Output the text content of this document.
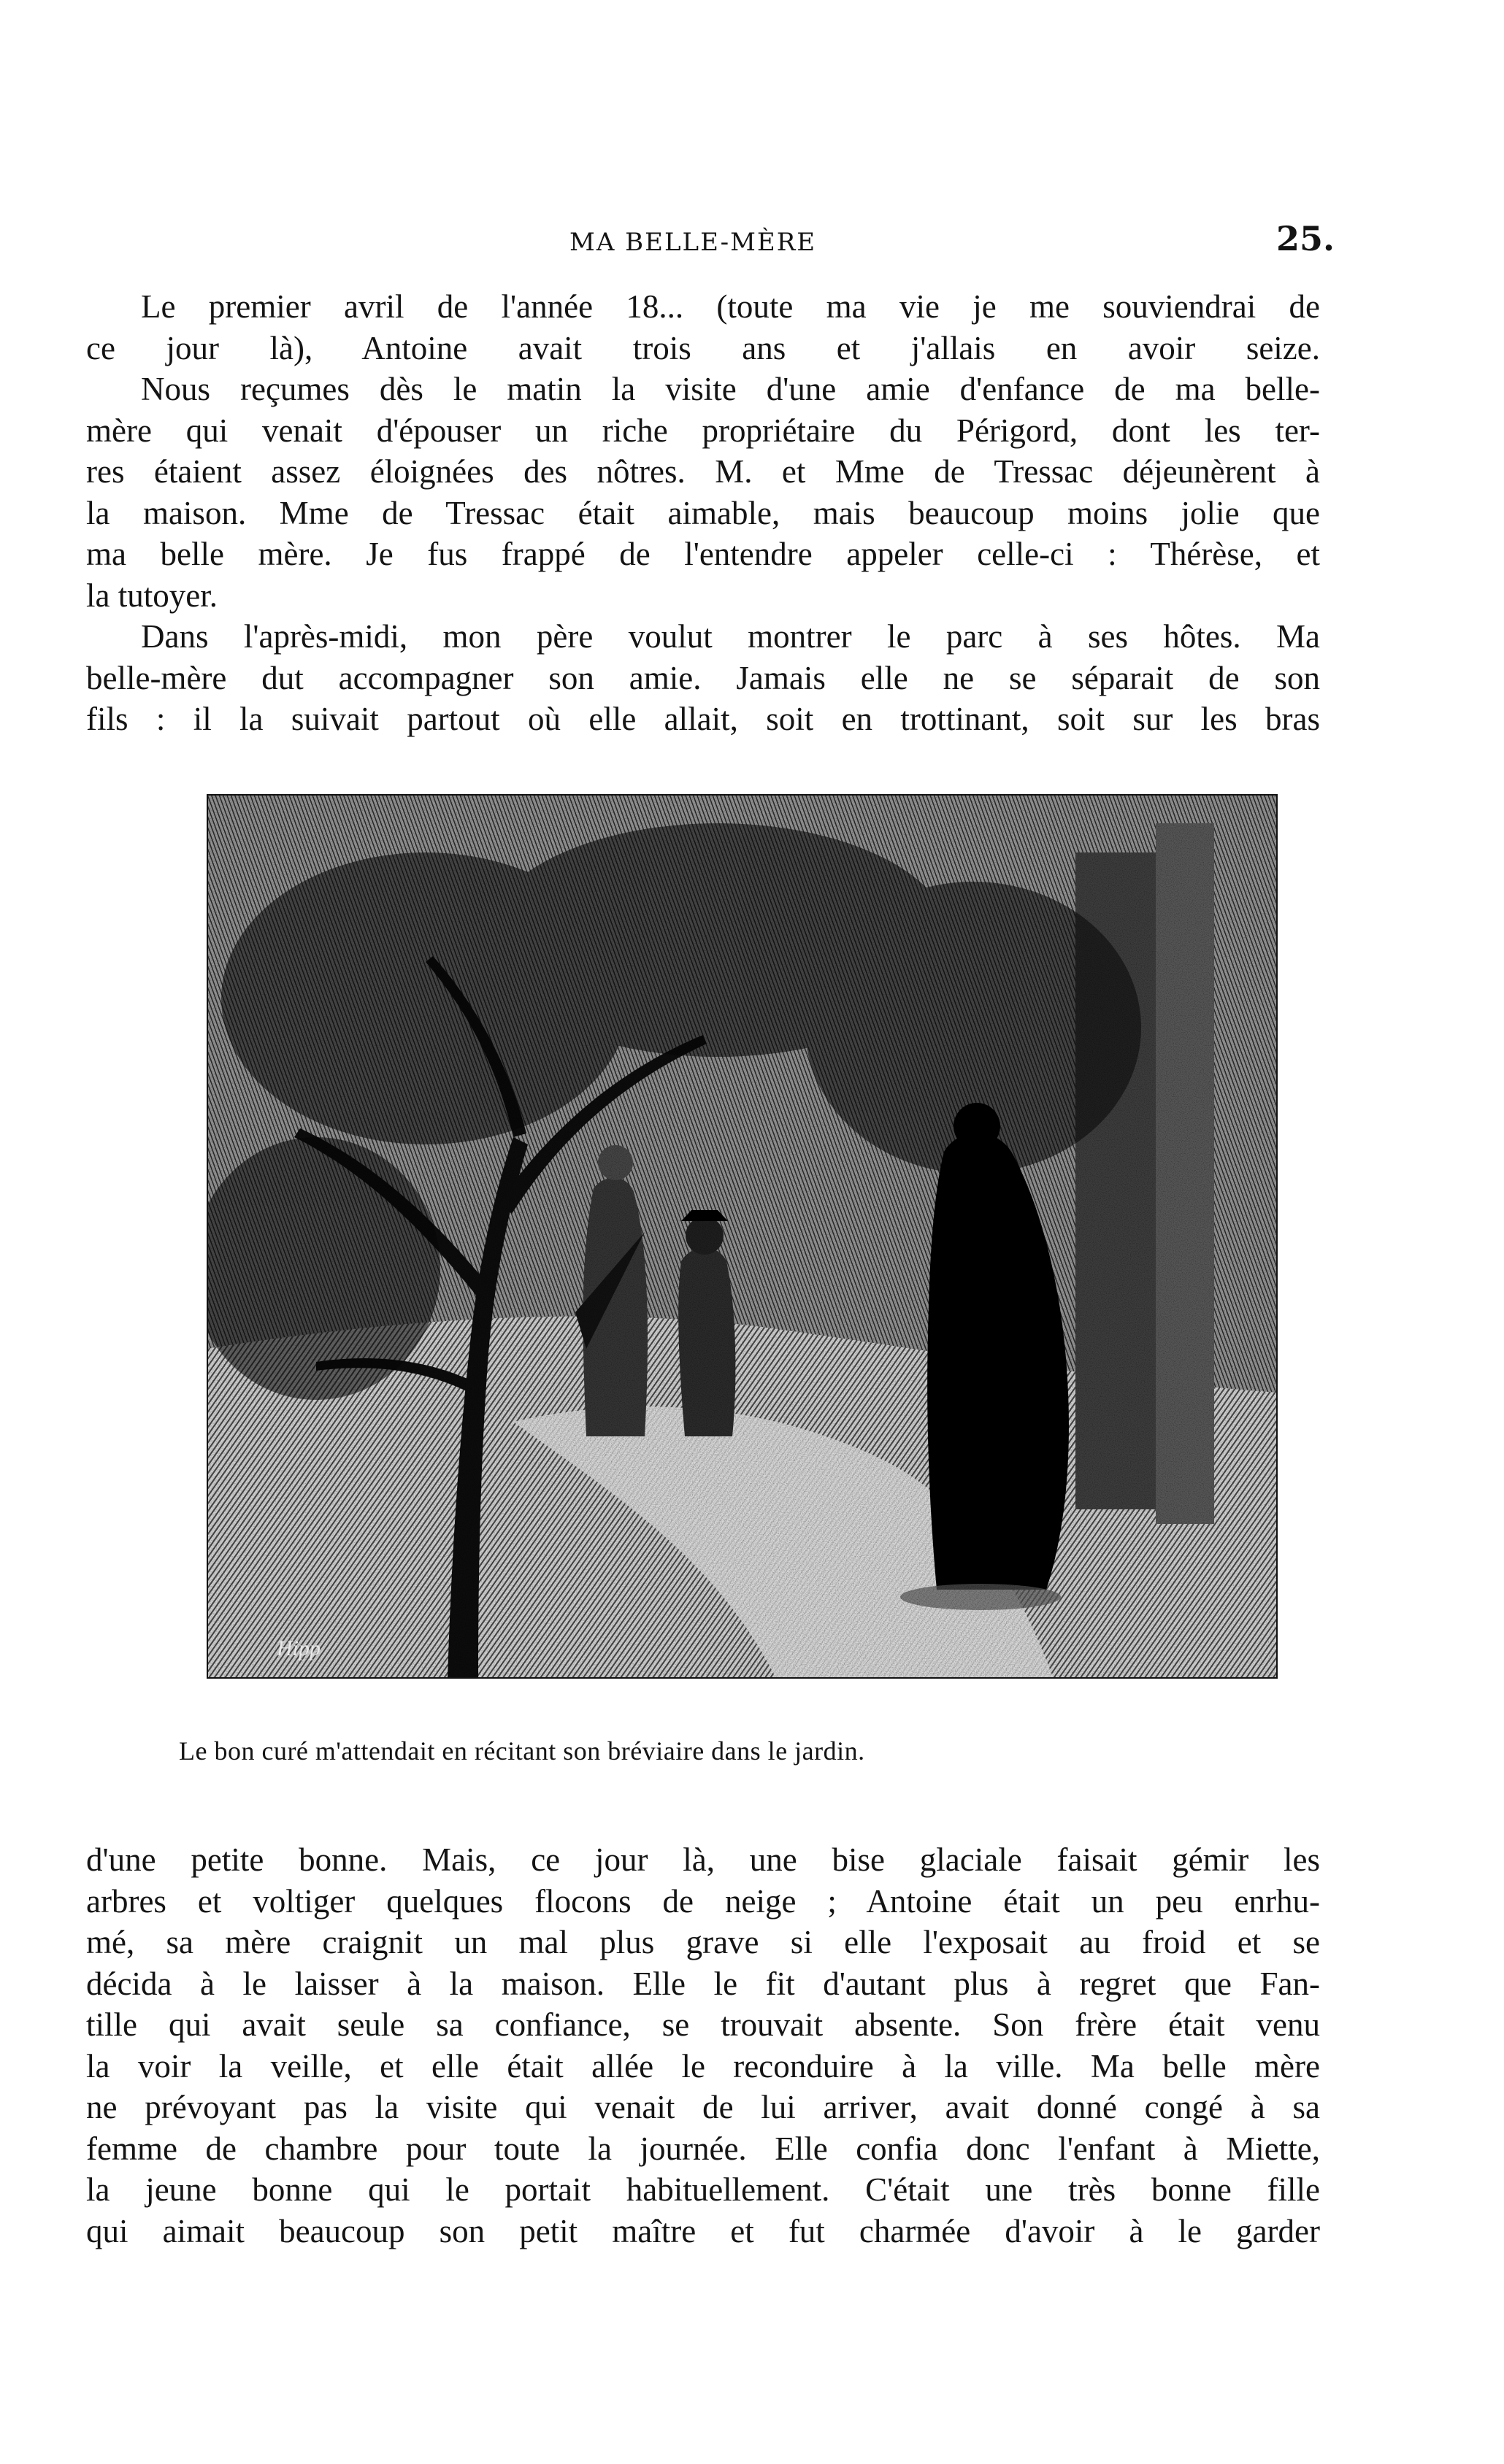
MA BELLE-MÈRE	25.
Le premier avril de l'année 18... (toute ma vie je me souviendrai de
ce jour là), Antoine avait trois ans et j'allais en avoir seize.
Nous reçumes dès le matin la visite d'une amie d'enfance de ma belle-
mère qui venait d'épouser un riche propriétaire du Périgord, dont les ter-
res étaient assez éloignées des nôtres. M. et Mme de Tressac déjeunèrent à
la maison. Mme de Tressac était aimable, mais beaucoup moins jolie que
ma belle mère. Je fus frappé de l'entendre appeler celle-ci : Thérèse, et
la tutoyer.
Dans l'après-midi, mon père voulut montrer le parc à ses hôtes. Ma
belle-mère dut accompagner son amie. Jamais elle ne se séparait de son
fils : il la suivait partout où elle allait, soit en trottinant, soit sur les bras
Hipp
Le bon curé m'attendait en récitant son bréviaire dans le jardin.
d'une petite bonne. Mais, ce jour là, une bise glaciale faisait gémir les
arbres et voltiger quelques flocons de neige ; Antoine était un peu enrhu-
mé, sa mère craignit un mal plus grave si elle l'exposait au froid et se
décida à le laisser à la maison. Elle le fit d'autant plus à regret que Fan-
tille qui avait seule sa confiance, se trouvait absente. Son frère était venu
la voir la veille, et elle était allée le reconduire à la ville. Ma belle mère
ne prévoyant pas la visite qui venait de lui arriver, avait donné congé à sa
femme de chambre pour toute la journée. Elle confia donc l'enfant à Miette,
la jeune bonne qui le portait habituellement. C'était une très bonne fille
qui aimait beaucoup son petit maître et fut charmée d'avoir à le garder
